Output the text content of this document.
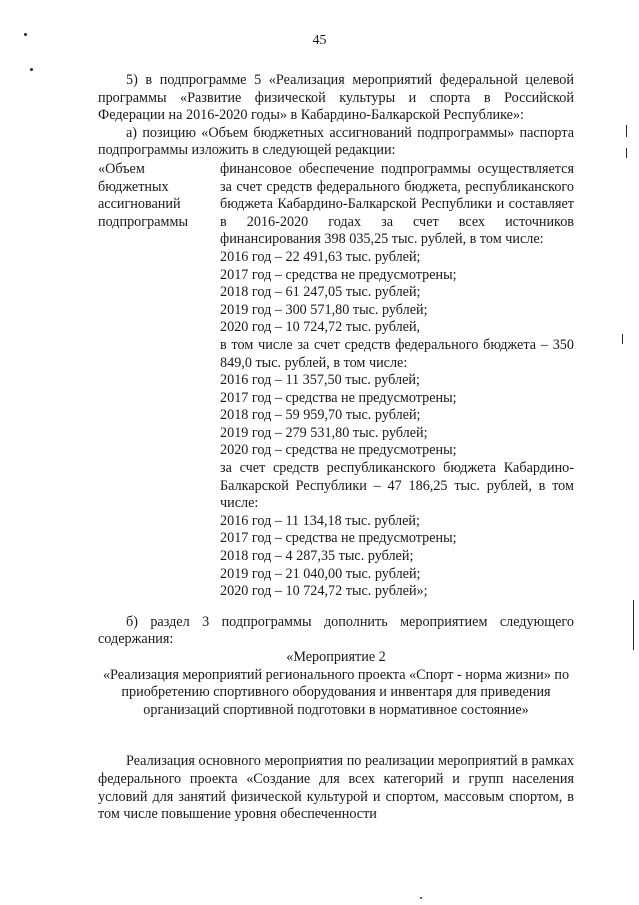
45

5) в подпрограмме 5 «Реализация мероприятий федеральной целевой программы «Развитие физической культуры и спорта в Российской Федерации на 2016-2020 годы» в Кабардино-Балкарской Республике»:

а) позицию «Объем бюджетных ассигнований подпрограммы» паспорта подпрограммы изложить в следующей редакции:

«Объем
бюджетных
ассигнований
подпрограммы

финансовое обеспечение подпрограммы осуществляется за счет средств федерального бюджета, республиканского бюджета Кабардино-Балкарской Республики и составляет в 2016-2020 годах за счет всех источников финансирования 398 035,25 тыс. рублей, в том числе:

2016 год – 22 491,63 тыс. рублей;

2017 год – средства не предусмотрены;

2018 год – 61 247,05 тыс. рублей;

2019 год – 300 571,80 тыс. рублей;

2020 год – 10 724,72 тыс. рублей,

в том числе за счет средств федерального бюджета – 350 849,0 тыс. рублей, в том числе:

2016 год – 11 357,50 тыс. рублей;

2017 год – средства не предусмотрены;

2018 год – 59 959,70 тыс. рублей;

2019 год – 279 531,80 тыс. рублей;

2020 год – средства не предусмотрены;

за счет средств республиканского бюджета Кабардино-Балкарской Республики – 47 186,25 тыс. рублей, в том числе:

2016 год – 11 134,18 тыс. рублей;

2017 год – средства не предусмотрены;

2018 год – 4 287,35 тыс. рублей;

2019 год – 21 040,00 тыс. рублей;

2020 год – 10 724,72 тыс. рублей»;

б) раздел 3 подпрограммы дополнить мероприятием следующего содержания:

«Мероприятие 2

«Реализация мероприятий регионального проекта «Спорт - норма жизни» по приобретению спортивного оборудования и инвентаря для приведения организаций спортивной подготовки в нормативное состояние»

Реализация основного мероприятия по реализации мероприятий в рамках федерального проекта «Создание для всех категорий и групп населения условий для занятий физической культурой и спортом, массовым спортом, в том числе повышение уровня обеспеченности
